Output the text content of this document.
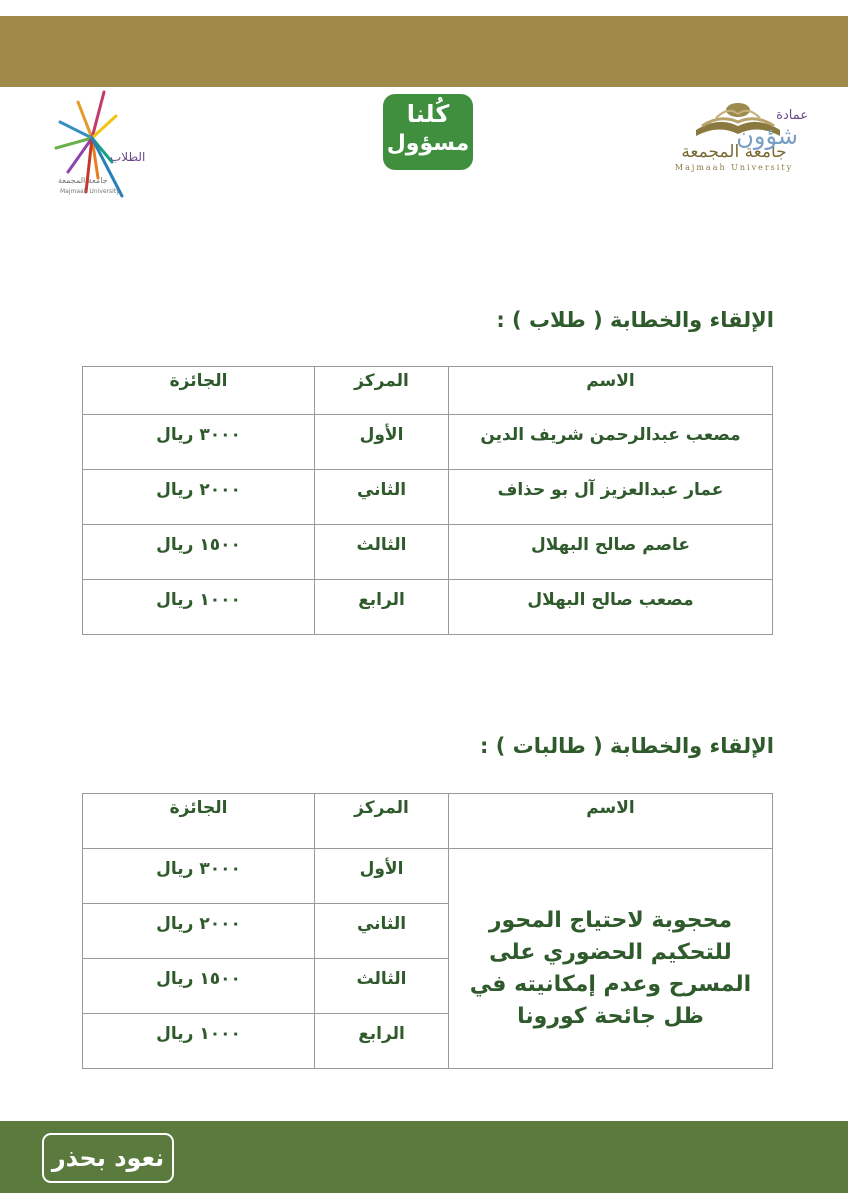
جامعة المجمعة
Majmaah University
كُلنا
مسؤول
عمادة
شؤون
الطلاب
جامعة المجمعة
Majmaah University
الإلقاء والخطابة ( طلاب ) :
الاسم	المركز	الجائزة
مصعب عبدالرحمن شريف الدين	الأول	٣٠٠٠ ريال
عمار عبدالعزيز آل بو حذاف	الثاني	٢٠٠٠ ريال
عاصم صالح البهلال	الثالث	١٥٠٠ ريال
مصعب صالح البهلال	الرابع	١٠٠٠ ريال
الإلقاء والخطابة ( طالبات ) :
الاسم	المركز	الجائزة
محجوبة لاحتياج المحور للتحكيم الحضوري على المسرح وعدم إمكانيته في ظل جائحة كورونا	الأول	٣٠٠٠ ريال
	الثاني	٢٠٠٠ ريال
	الثالث	١٥٠٠ ريال
	الرابع	١٠٠٠ ريال
نعود بحذر
